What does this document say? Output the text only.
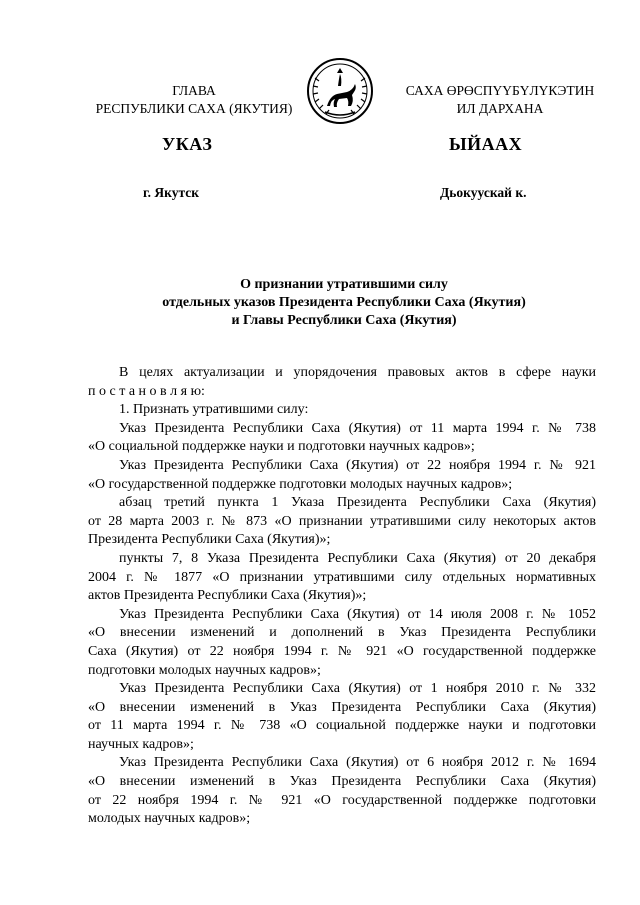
ГЛАВА
РЕСПУБЛИКИ САХА (ЯКУТИЯ)
САХА ӨРӨСПҮҮБҮЛҮКЭТИН
ИЛ ДАРХАНА
УКАЗ	ЫЙААХ
г. Якутск	Дьокуускай к.
О признании утратившими силу
отдельных указов Президента Республики Саха (Якутия)
и Главы Республики Саха (Якутия)

В целях актуализации и упорядочения правовых актов в сфере науки

п о с т а н о в л я ю:

1. Признать утратившими силу:

Указ Президента Республики Саха (Якутия) от 11 марта 1994 г. № 738

«О социальной поддержке науки и подготовки научных кадров»;

Указ Президента Республики Саха (Якутия) от 22 ноября 1994 г. № 921

«О государственной поддержке подготовки молодых научных кадров»;

абзац третий пункта 1 Указа Президента Республики Саха (Якутия)

от 28 марта 2003 г. № 873 «О признании утратившими силу некоторых актов
Президента Республики Саха (Якутия)»;

пункты 7, 8 Указа Президента Республики Саха (Якутия) от 20 декабря

2004 г. № 1877 «О признании утратившими силу отдельных нормативных
актов Президента Республики Саха (Якутия)»;

Указ Президента Республики Саха (Якутия) от 14 июля 2008 г. № 1052

«О внесении изменений и дополнений в Указ Президента Республики
Саха (Якутия) от 22 ноября 1994 г. № 921 «О государственной поддержке
подготовки молодых научных кадров»;

Указ Президента Республики Саха (Якутия) от 1 ноября 2010 г. № 332

«О внесении изменений в Указ Президента Республики Саха (Якутия)
от 11 марта 1994 г. № 738 «О социальной поддержке науки и подготовки
научных кадров»;

Указ Президента Республики Саха (Якутия) от 6 ноября 2012 г. № 1694

«О внесении изменений в Указ Президента Республики Саха (Якутия)
от 22 ноября 1994 г. № 921 «О государственной поддержке подготовки
молодых научных кадров»;
